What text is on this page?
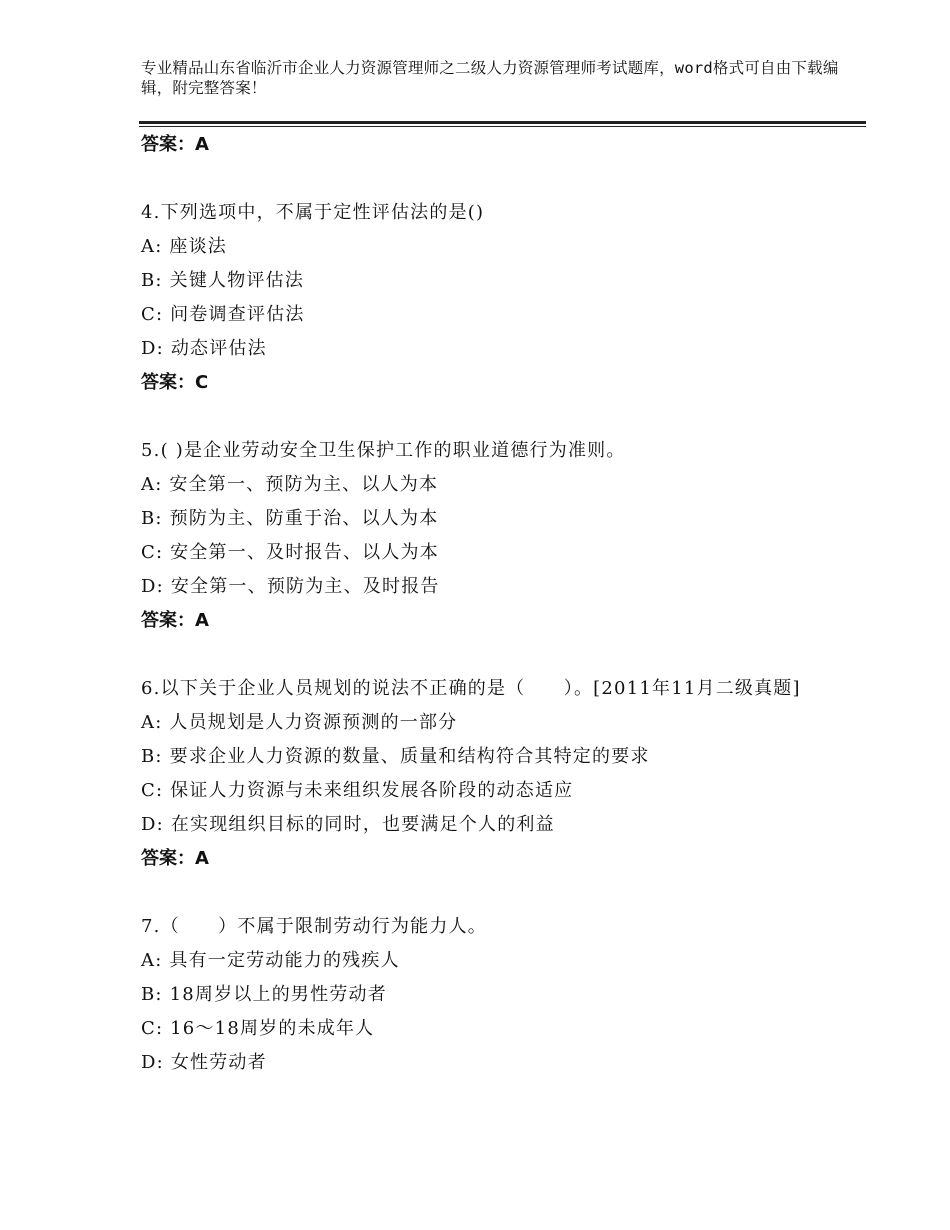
专业精品山东省临沂市企业人力资源管理师之二级人力资源管理师考试题库，word格式可自由下载编辑，附完整答案！
答案：A
4.下列选项中，不属于定性评估法的是()
A: 座谈法
B: 关键人物评估法
C: 问卷调查评估法
D: 动态评估法
答案：C
5.( )是企业劳动安全卫生保护工作的职业道德行为准则。
A: 安全第一、预防为主、以人为本
B: 预防为主、防重于治、以人为本
C: 安全第一、及时报告、以人为本
D: 安全第一、预防为主、及时报告
答案：A
6.以下关于企业人员规划的说法不正确的是（　　）。[2011年11月二级真题]
A: 人员规划是人力资源预测的一部分
B: 要求企业人力资源的数量、质量和结构符合其特定的要求
C: 保证人力资源与未来组织发展各阶段的动态适应
D: 在实现组织目标的同时，也要满足个人的利益
答案：A
7.（　　）不属于限制劳动行为能力人。
A: 具有一定劳动能力的残疾人
B: 18周岁以上的男性劳动者
C: 16～18周岁的未成年人
D: 女性劳动者
